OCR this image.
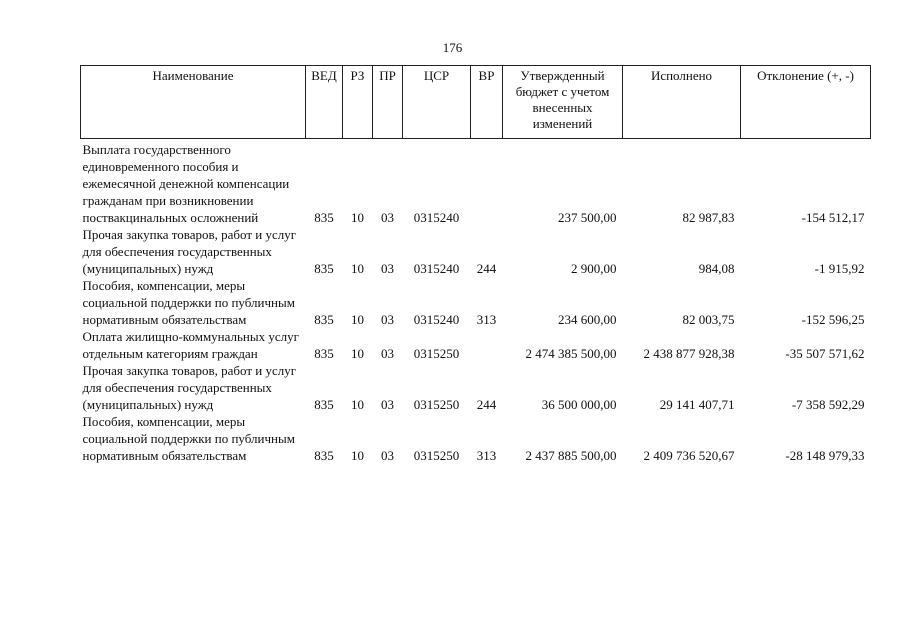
176
Наименование	ВЕД	РЗ	ПР	ЦСР	ВР	Утвержденный бюджет с учетом внесенных изменений	Исполнено	Отклонение (+, -)
Выплата государственного единовременного пособия и ежемесячной денежной компенсации гражданам при возникновении поствакцинальных осложнений	835	10	03	0315240		237 500,00	82 987,83	-154 512,17
Прочая закупка товаров, работ и услуг для обеспечения государственных (муниципальных) нужд	835	10	03	0315240	244	2 900,00	984,08	-1 915,92
Пособия, компенсации, меры социальной поддержки по публичным нормативным обязательствам	835	10	03	0315240	313	234 600,00	82 003,75	-152 596,25
Оплата жилищно-коммунальных услуг отдельным категориям граждан	835	10	03	0315250		2 474 385 500,00	2 438 877 928,38	-35 507 571,62
Прочая закупка товаров, работ и услуг для обеспечения государственных (муниципальных) нужд	835	10	03	0315250	244	36 500 000,00	29 141 407,71	-7 358 592,29
Пособия, компенсации, меры социальной поддержки по публичным нормативным обязательствам	835	10	03	0315250	313	2 437 885 500,00	2 409 736 520,67	-28 148 979,33
